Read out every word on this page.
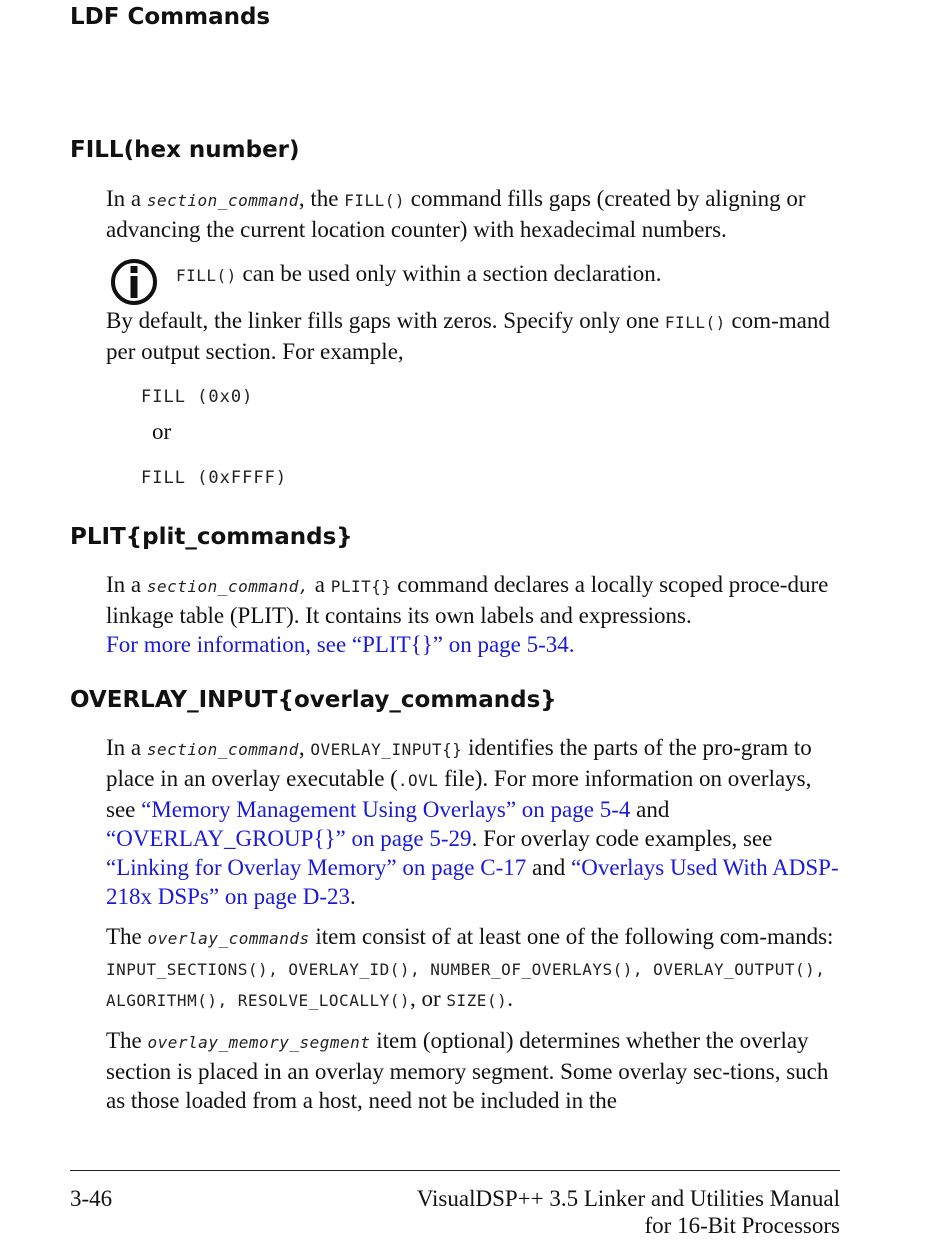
LDF Commands
FILL(hex number)
In a section_command, the FILL() command fills gaps (created by aligning or advancing the current location counter) with hexadecimal numbers.
FILL() can be used only within a section declaration.
By default, the linker fills gaps with zeros. Specify only one FILL() com-mand per output section. For example,
FILL (0x0)
or
FILL (0xFFFF)
PLIT{plit_commands}
In a section_command, a PLIT{} command declares a locally scoped proce-dure linkage table (PLIT). It contains its own labels and expressions.
For more information, see “PLIT{}” on page 5-34.
OVERLAY_INPUT{overlay_commands}
In a section_command, OVERLAY_INPUT{} identifies the parts of the pro-gram to place in an overlay executable (.OVL file). For more information on overlays, see “Memory Management Using Overlays” on page 5-4 and “OVERLAY_GROUP{}” on page 5-29. For overlay code examples, see “Linking for Overlay Memory” on page C-17 and “Overlays Used With ADSP-218x DSPs” on page D-23.
The overlay_commands item consist of at least one of the following com-mands: INPUT_SECTIONS(), OVERLAY_ID(), NUMBER_OF_OVERLAYS(), OVERLAY_OUTPUT(), ALGORITHM(), RESOLVE_LOCALLY(), or SIZE().
The overlay_memory_segment item (optional) determines whether the overlay section is placed in an overlay memory segment. Some overlay sec-tions, such as those loaded from a host, need not be included in the
3-46	VisualDSP++ 3.5 Linker and Utilities Manual
for 16-Bit Processors
